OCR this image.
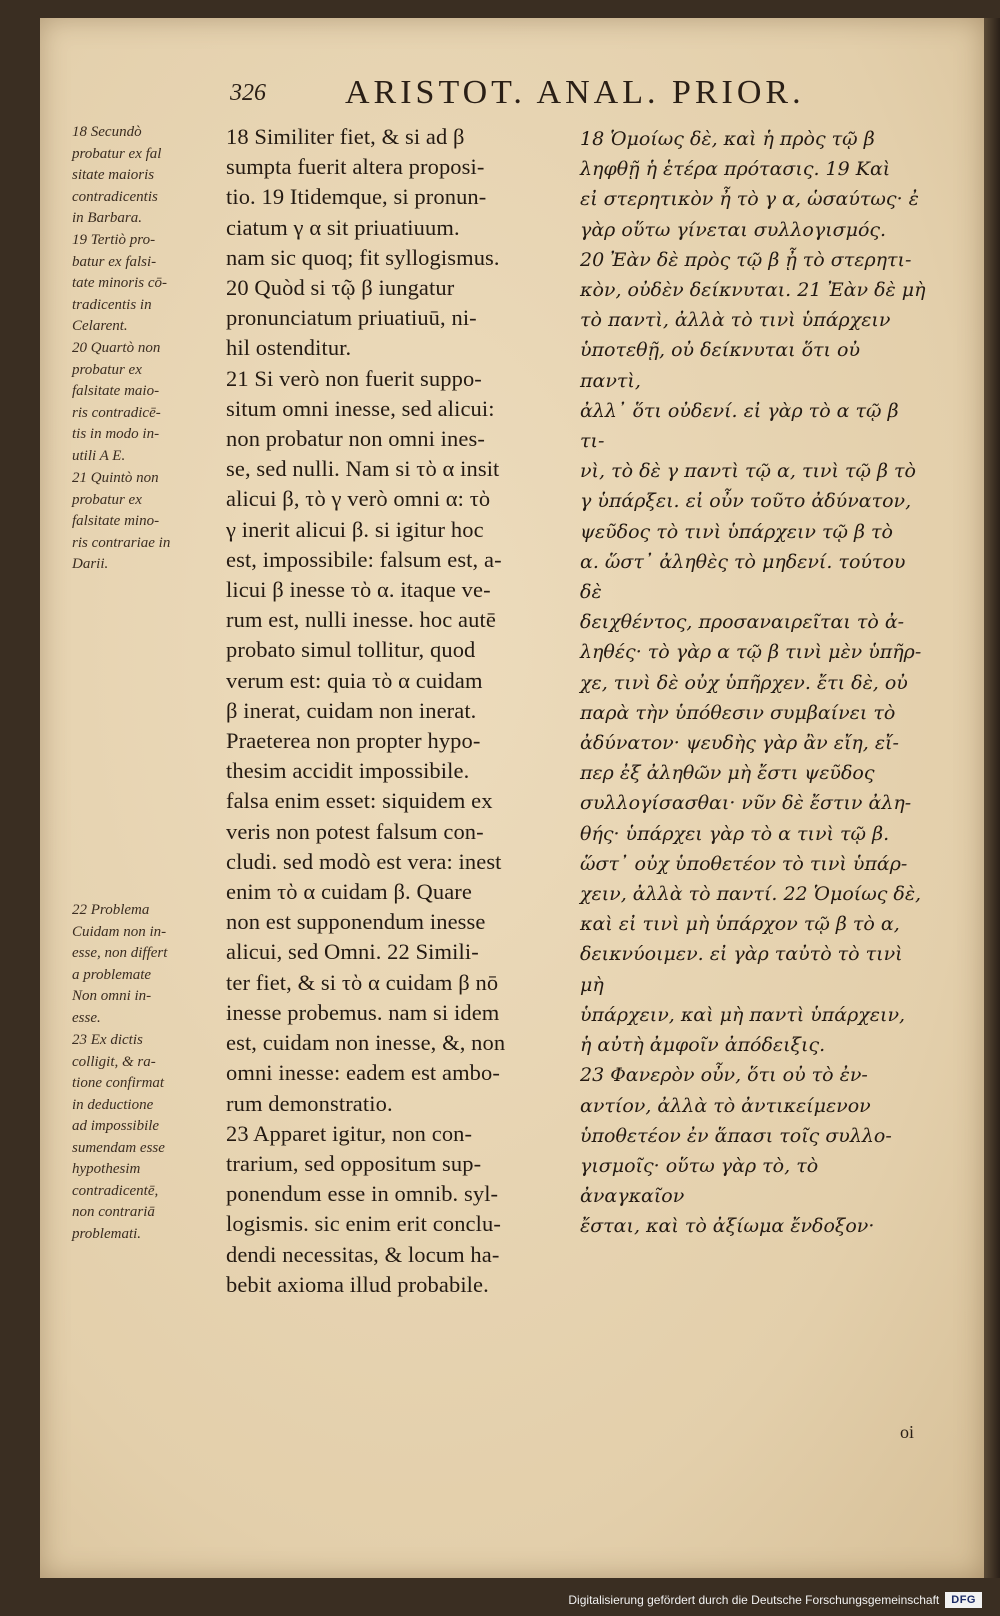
326 ARISTOT. ANAL. PRIOR.
18 Secundò
probatur ex fal
sitate maioris
contradicentis
in Barbara.
19 Tertiò pro-
batur ex falsi-
tate minoris cō-
tradicentis in
Celarent.
20 Quartò non
probatur ex
falsitate maio-
ris contradicē-
tis in modo in-
utili A E.
21 Quintò non
probatur ex
falsitate mino-
ris contrariae in
Darii.
22 Problema
Cuidam non in-
esse, non differt
a problemate
Non omni in-
esse.
23 Ex dictis
colligit, & ra-
tione confirmat
in deductione
ad impossibile
sumendam esse
hypothesim
contradicentē,
non contrariā
problemati.
18 Similiter fiet, & si ad β
sumpta fuerit altera proposi-
tio. 19 Itidemque, si pronun-
ciatum γ α sit priuatiuum.
nam sic quoq; fit syllogismus.
20 Quòd si τῷ β iungatur
pronunciatum priuatiuū, ni-
hil ostenditur.
21 Si verò non fuerit suppo-
situm omni inesse, sed alicui:
non probatur non omni ines-
se, sed nulli. Nam si τὸ α insit
alicui β, τὸ γ verò omni α: τὸ
γ inerit alicui β. si igitur hoc
est, impossibile: falsum est, a-
licui β inesse τὸ α. itaque ve-
rum est, nulli inesse. hoc autē
probato simul tollitur, quod
verum est: quia τὸ α cuidam
β inerat, cuidam non inerat.
Praeterea non propter hypo-
thesim accidit impossibile.
falsa enim esset: siquidem ex
veris non potest falsum con-
cludi. sed modò est vera: inest
enim τὸ α cuidam β. Quare
non est supponendum inesse
alicui, sed Omni. 22 Simili-
ter fiet, & si τὸ α cuidam β nō
inesse probemus. nam si idem
est, cuidam non inesse, &, non
omni inesse: eadem est ambo-
rum demonstratio.
23 Apparet igitur, non con-
trarium, sed oppositum sup-
ponendum esse in omnib. syl-
logismis. sic enim erit conclu-
dendi necessitas, & locum ha-
bebit axioma illud probabile.
18 Ὁμοίως δὲ, καὶ ἡ πρὸς τῷ β
ληφθῇ ἡ ἑτέρα πρότασις. 19 Καὶ
εἰ στερητικὸν ἦ τὸ γ α, ὡσαύτως· ἐ
γὰρ οὕτω γίνεται συλλογισμός.
20 Ἐὰν δὲ πρὸς τῷ β ᾖ τὸ στερητι-
κὸν, οὐδὲν δείκνυται. 21 Ἐὰν δὲ μὴ
τὸ παντὶ, ἀλλὰ τὸ τινὶ ὑπάρχειν
ὑποτεθῇ, οὐ δείκνυται ὅτι οὐ παντὶ,
ἀλλ᾽ ὅτι οὐδενί. εἰ γὰρ τὸ α τῷ β τι-
νὶ, τὸ δὲ γ παντὶ τῷ α, τινὶ τῷ β τὸ
γ ὑπάρξει. εἰ οὖν τοῦτο ἀδύνατον,
ψεῦδος τὸ τινὶ ὑπάρχειν τῷ β τὸ
α. ὥστ᾽ ἀληθὲς τὸ μηδενί. τούτου δὲ
δειχθέντος, προσαναιρεῖται τὸ ἀ-
ληθές· τὸ γὰρ α τῷ β τινὶ μὲν ὑπῆρ-
χε, τινὶ δὲ οὐχ ὑπῆρχεν. ἔτι δὲ, οὐ
παρὰ τὴν ὑπόθεσιν συμβαίνει τὸ
ἀδύνατον· ψευδὴς γὰρ ἂν εἴη, εἴ-
περ ἐξ ἀληθῶν μὴ ἔστι ψεῦδος
συλλογίσασθαι· νῦν δὲ ἔστιν ἀλη-
θής· ὑπάρχει γὰρ τὸ α τινὶ τῷ β.
ὥστ᾽ οὐχ ὑποθετέον τὸ τινὶ ὑπάρ-
χειν, ἀλλὰ τὸ παντί. 22 Ὁμοίως δὲ,
καὶ εἰ τινὶ μὴ ὑπάρχον τῷ β τὸ α,
δεικνύοιμεν. εἰ γὰρ ταὐτὸ τὸ τινὶ μὴ
ὑπάρχειν, καὶ μὴ παντὶ ὑπάρχειν,
ἡ αὐτὴ ἀμφοῖν ἀπόδειξις.
23 Φανερὸν οὖν, ὅτι οὐ τὸ ἐν-
αντίον, ἀλλὰ τὸ ἀντικείμενον
ὑποθετέον ἐν ἅπασι τοῖς συλλο-
γισμοῖς· οὕτω γὰρ τὸ, τὸ ἀναγκαῖον
ἔσται, καὶ τὸ ἀξίωμα ἔνδοξον·
oi
Digitalisierung gefördert durch die Deutsche Forschungsgemeinschaft	DFG
